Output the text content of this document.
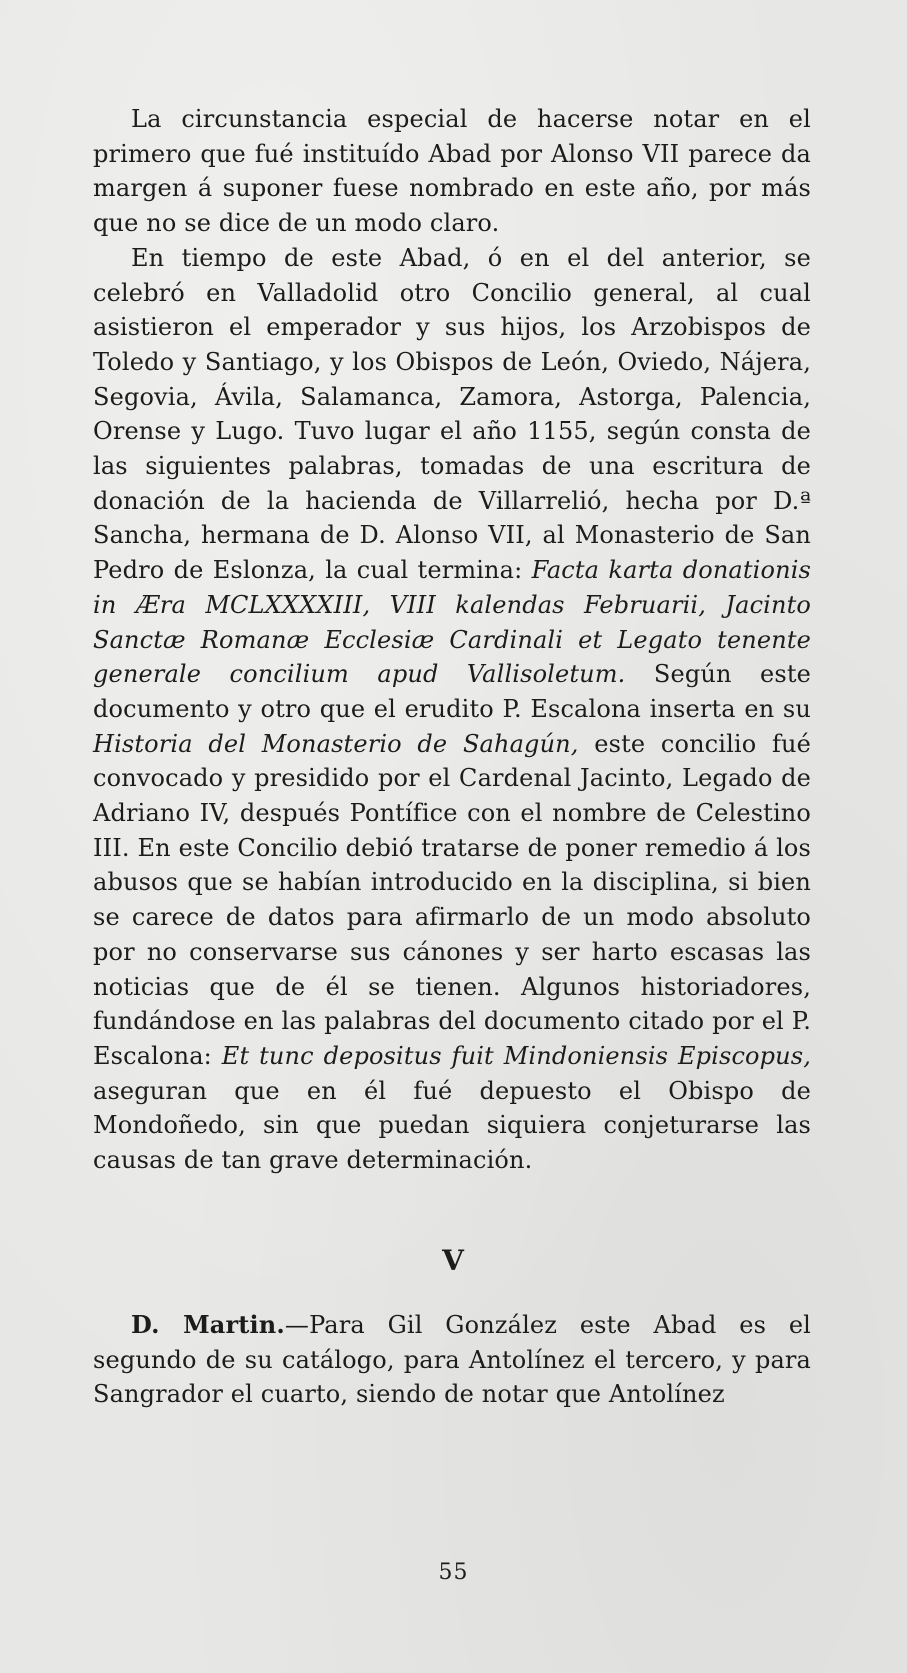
La circunstancia especial de hacerse notar en el primero que fué instituído Abad por Alonso VII parece da margen á suponer fuese nombrado en este año, por más que no se dice de un modo claro.

En tiempo de este Abad, ó en el del anterior, se celebró en Valladolid otro Concilio general, al cual asistieron el emperador y sus hijos, los Arzobispos de Toledo y Santiago, y los Obispos de León, Oviedo, Nájera, Segovia, Ávila, Salamanca, Zamora, Astorga, Palencia, Orense y Lugo. Tuvo lugar el año 1155, según consta de las siguientes palabras, tomadas de una escritura de donación de la hacienda de Villarrelió, hecha por D.ª Sancha, hermana de D. Alonso VII, al Monasterio de San Pedro de Eslonza, la cual termina: Facta karta donationis in Æra MCLXXXXIII, VIII kalendas Februarii, Jacinto Sanctæ Romanæ Ecclesiæ Cardinali et Legato tenente generale concilium apud Vallisoletum. Según este documento y otro que el erudito P. Escalona inserta en su Historia del Monasterio de Sahagún, este concilio fué convocado y presidido por el Cardenal Jacinto, Legado de Adriano IV, después Pontífice con el nombre de Celestino III. En este Concilio debió tratarse de poner remedio á los abusos que se habían introducido en la disciplina, si bien se carece de datos para afirmarlo de un modo absoluto por no conservarse sus cánones y ser harto escasas las noticias que de él se tienen. Algunos historiadores, fundándose en las palabras del documento citado por el P. Escalona: Et tunc depositus fuit Mindoniensis Episcopus, aseguran que en él fué depuesto el Obispo de Mondoñedo, sin que puedan siquiera conjeturarse las causas de tan grave determinación.

V

D. Martin.—Para Gil González este Abad es el segundo de su catálogo, para Antolínez el tercero, y para Sangrador el cuarto, siendo de notar que Antolínez

55
